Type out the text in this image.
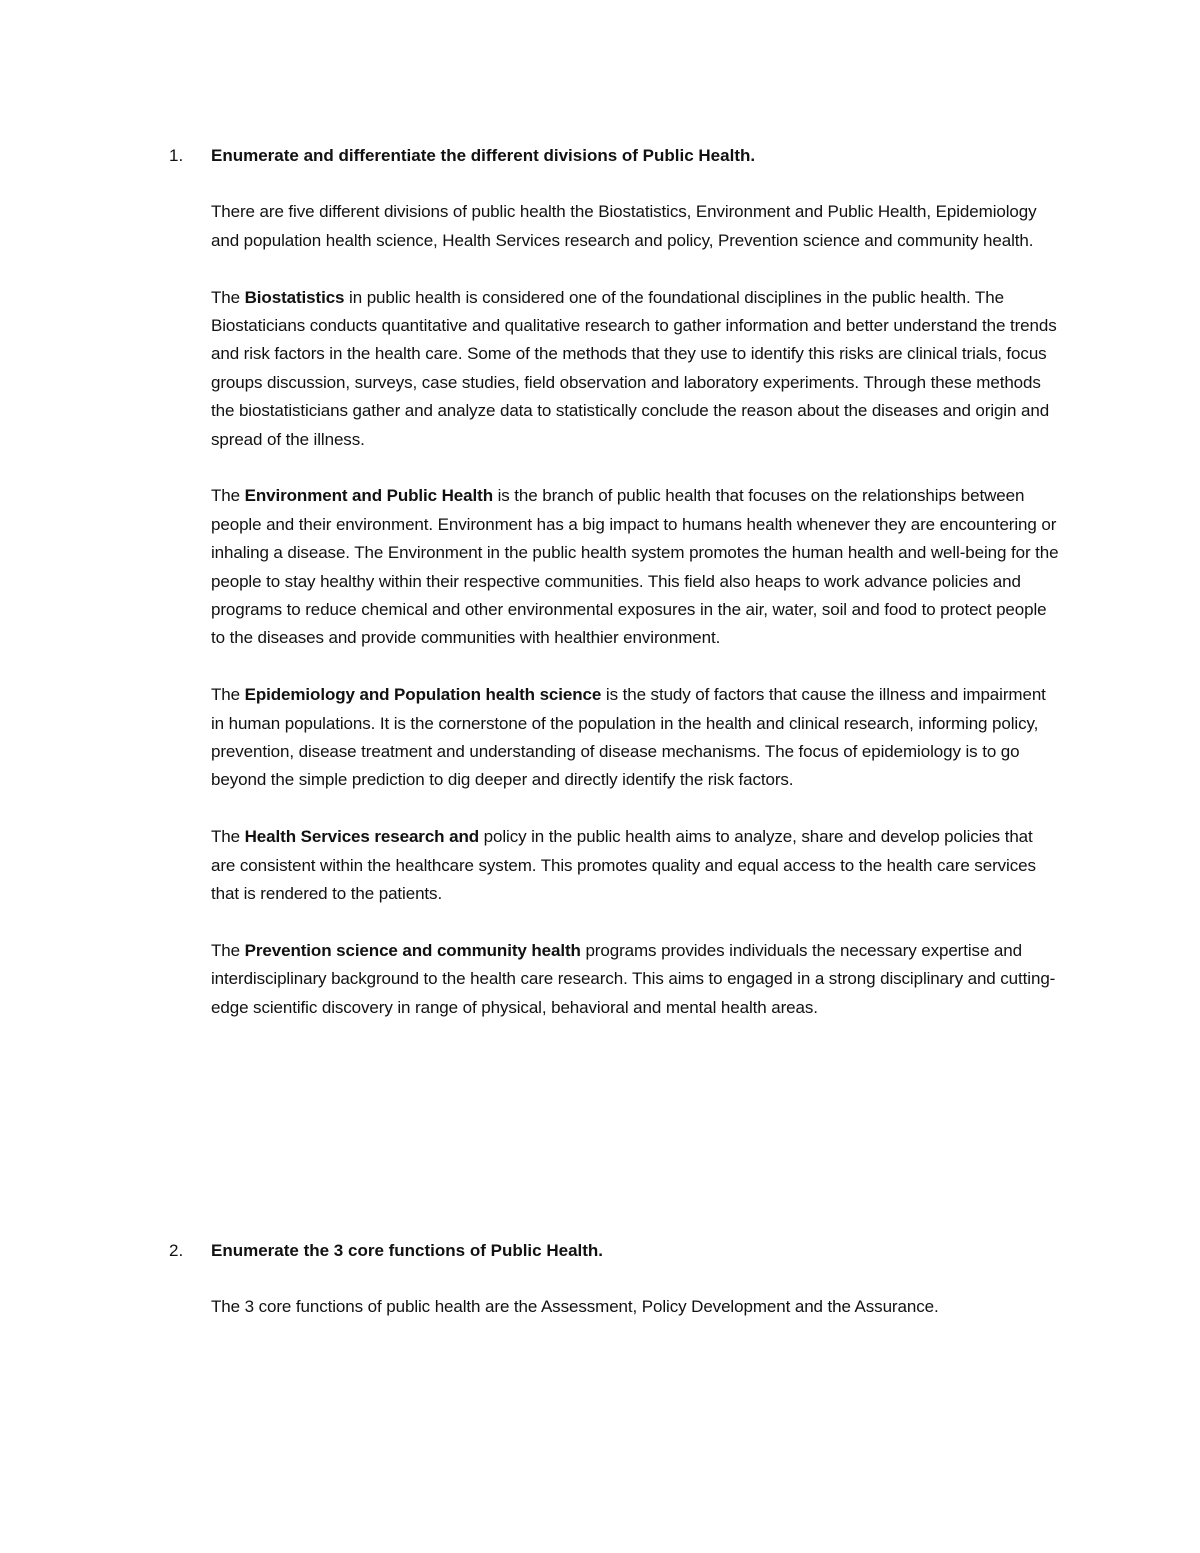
1. Enumerate and differentiate the different divisions of Public Health.

There are five different divisions of public health the Biostatistics, Environment and Public Health, Epidemiology and population health science, Health Services research and policy, Prevention science and community health.

The Biostatistics in public health is considered one of the foundational disciplines in the public health. The Biostaticians conducts quantitative and qualitative research to gather information and better understand the trends and risk factors in the health care. Some of the methods that they use to identify this risks are clinical trials, focus groups discussion, surveys, case studies, field observation and laboratory experiments. Through these methods the biostatisticians gather and analyze data to statistically conclude the reason about the diseases and origin and spread of the illness.

The Environment and Public Health is the branch of public health that focuses on the relationships between people and their environment. Environment has a big impact to humans health whenever they are encountering or inhaling a disease. The Environment in the public health system promotes the human health and well-being for the people to stay healthy within their respective communities. This field also heaps to work advance policies and programs to reduce chemical and other environmental exposures in the air, water, soil and food to protect people to the diseases and provide communities with healthier environment.

The Epidemiology and Population health science is the study of factors that cause the illness and impairment in human populations. It is the cornerstone of the population in the health and clinical research, informing policy, prevention, disease treatment and understanding of disease mechanisms. The focus of epidemiology is to go beyond the simple prediction to dig deeper and directly identify the risk factors.

The Health Services research and policy in the public health aims to analyze, share and develop policies that are consistent within the healthcare system. This promotes quality and equal access to the health care services that is rendered to the patients.

The Prevention science and community health programs provides individuals the necessary expertise and interdisciplinary background to the health care research. This aims to engaged in a strong disciplinary and cutting-edge scientific discovery in range of physical, behavioral and mental health areas.

2. Enumerate the 3 core functions of Public Health.

The 3 core functions of public health are the Assessment, Policy Development and the Assurance.
